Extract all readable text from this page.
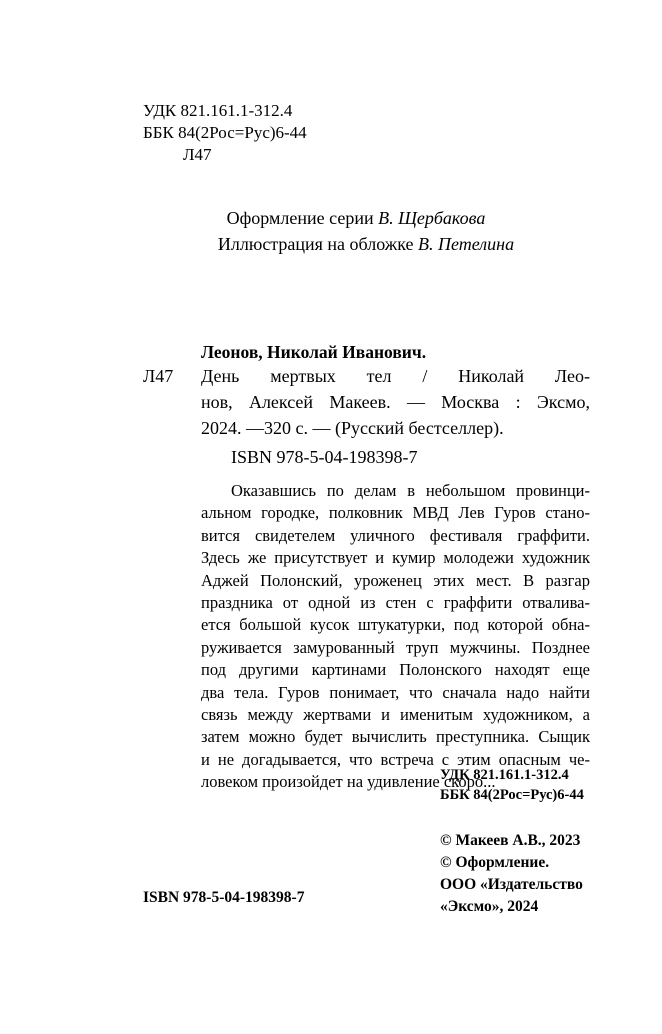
УДК 821.161.1-312.4
ББК 84(2Рос=Рус)6-44
Л47
Оформление серии В. Щербакова
Иллюстрация на обложке В. Петелина
Леонов, Николай Иванович.
Л47 День мертвых тел / Николай Лео-
нов, Алексей Макеев. — Москва : Эксмо,
2024. —320 с. — (Русский бестселлер).
ISBN 978-5-04-198398-7
Оказавшись по делам в небольшом провинци-
альном городке, полковник МВД Лев Гуров стано-
вится свидетелем уличного фестиваля граффити.
Здесь же присутствует и кумир молодежи художник
Аджей Полонский, уроженец этих мест. В разгар
праздника от одной из стен с граффити отвалива-
ется большой кусок штукатурки, под которой обна-
руживается замурованный труп мужчины. Позднее
под другими картинами Полонского находят еще
два тела. Гуров понимает, что сначала надо найти
связь между жертвами и именитым художником, а
затем можно будет вычислить преступника. Сыщик
и не догадывается, что встреча с этим опасным че-
ловеком произойдет на удивление скоро...
УДК 821.161.1-312.4
ББК 84(2Рос=Рус)6-44
© Макеев А.В., 2023
© Оформление.
ООО «Издательство
«Эксмо», 2024
ISBN 978-5-04-198398-7
